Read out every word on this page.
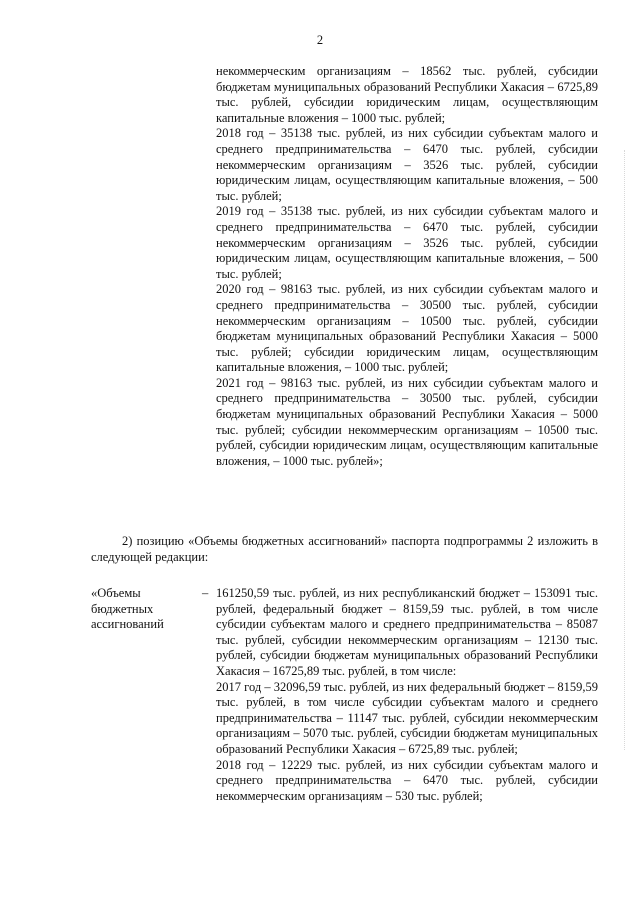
2

некоммерческим организациям – 18562 тыс. рублей, субсидии бюджетам муниципальных образований Республики Хакасия – 6725,89 тыс. рублей, субсидии юридическим лицам, осуществляющим капитальные вложения – 1000 тыс. рублей;

2018 год – 35138 тыс. рублей, из них субсидии субъектам малого и среднего предпринимательства – 6470 тыс. рублей, субсидии некоммерческим организациям – 3526 тыс. рублей, субсидии юридическим лицам, осуществляющим капитальные вложения, – 500 тыс. рублей;

2019 год – 35138 тыс. рублей, из них субсидии субъектам малого и среднего предпринимательства – 6470 тыс. рублей, субсидии некоммерческим организациям – 3526 тыс. рублей, субсидии юридическим лицам, осуществляющим капитальные вложения, – 500 тыс. рублей;

2020 год – 98163 тыс. рублей, из них субсидии субъектам малого и среднего предпринимательства – 30500 тыс. рублей, субсидии некоммерческим организациям – 10500 тыс. рублей, субсидии бюджетам муниципальных образований Республики Хакасия – 5000 тыс. рублей; субсидии юридическим лицам, осуществляющим капитальные вложения, – 1000 тыс. рублей;

2021 год – 98163 тыс. рублей, из них субсидии субъектам малого и среднего предпринимательства – 30500 тыс. рублей, субсидии бюджетам муниципальных образований Республики Хакасия – 5000 тыс. рублей; субсидии некоммерческим организациям – 10500 тыс. рублей, субсидии юридическим лицам, осуществляющим капитальные вложения, – 1000 тыс. рублей»;

2) позицию «Объемы бюджетных ассигнований» паспорта подпрограммы 2 изложить в следующей редакции:

«Объемы
бюджетных
ассигнований
– 161250,59 тыс. рублей, из них республиканский бюджет – 153091 тыс. рублей, федеральный бюджет – 8159,59 тыс. рублей, в том числе субсидии субъектам малого и среднего предпринимательства – 85087 тыс. рублей, субсидии некоммерческим организациям – 12130 тыс. рублей, субсидии бюджетам муниципальных образований Республики Хакасия – 16725,89 тыс. рублей, в том числе:

2017 год – 32096,59 тыс. рублей, из них федеральный бюджет – 8159,59 тыс. рублей, в том числе субсидии субъектам малого и среднего предпринимательства – 11147 тыс. рублей, субсидии некоммерческим организациям – 5070 тыс. рублей, субсидии бюджетам муниципальных образований Республики Хакасия – 6725,89 тыс. рублей;

2018 год – 12229 тыс. рублей, из них субсидии субъектам малого и среднего предпринимательства – 6470 тыс. рублей, субсидии некоммерческим организациям – 530 тыс. рублей;
